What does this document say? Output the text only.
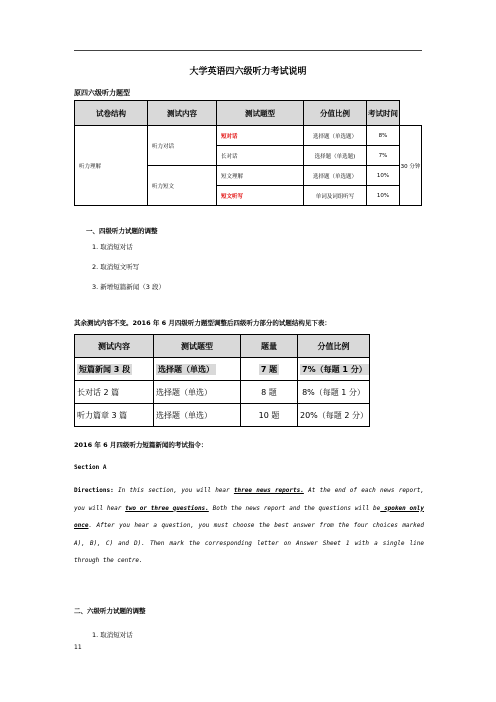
大学英语四六级听力考试说明
原四六级听力题型
试卷结构	测试内容	测试题型	分值比例	考试时间	
听力理解	听力对话	短对话	选择题（单选题）	8%	30 分钟
		长对话	选择题（单选题)	7%	
	听力短文	短文理解	选择题（单选题）	10%	
		短文听写	单词及词组听写	10%	
一、四级听力试题的调整
1. 取消短对话
2. 取消短文听写
3. 新增短篇新闻（3 段）
其余测试内容不变。2016 年 6 月四级听力题型调整后四级听力部分的试题结构见下表：
测试内容	测试题型	题量	分值比例
短篇新闻 3 段	选择题（单选）	7 题	7%（每题 1 分）
长对话 2 篇	选择题（单选）	8 题	8%（每题 1 分）
听力篇章 3 篇	选择题（单选）	10 题	20%（每题 2 分）
2016 年 6 月四级听力短篇新闻的考试指令：
Section A
Directions: In this section, you will hear three news reports. At the end of each news report, you will hear two or three questions. Both the news report and the questions will be spoken only once. After you hear a question, you must choose the best answer from the four choices marked A), B), C) and D). Then mark the corresponding letter on Answer Sheet 1 with a single line through the centre.
二、六级听力试题的调整
1. 取消短对话
11
